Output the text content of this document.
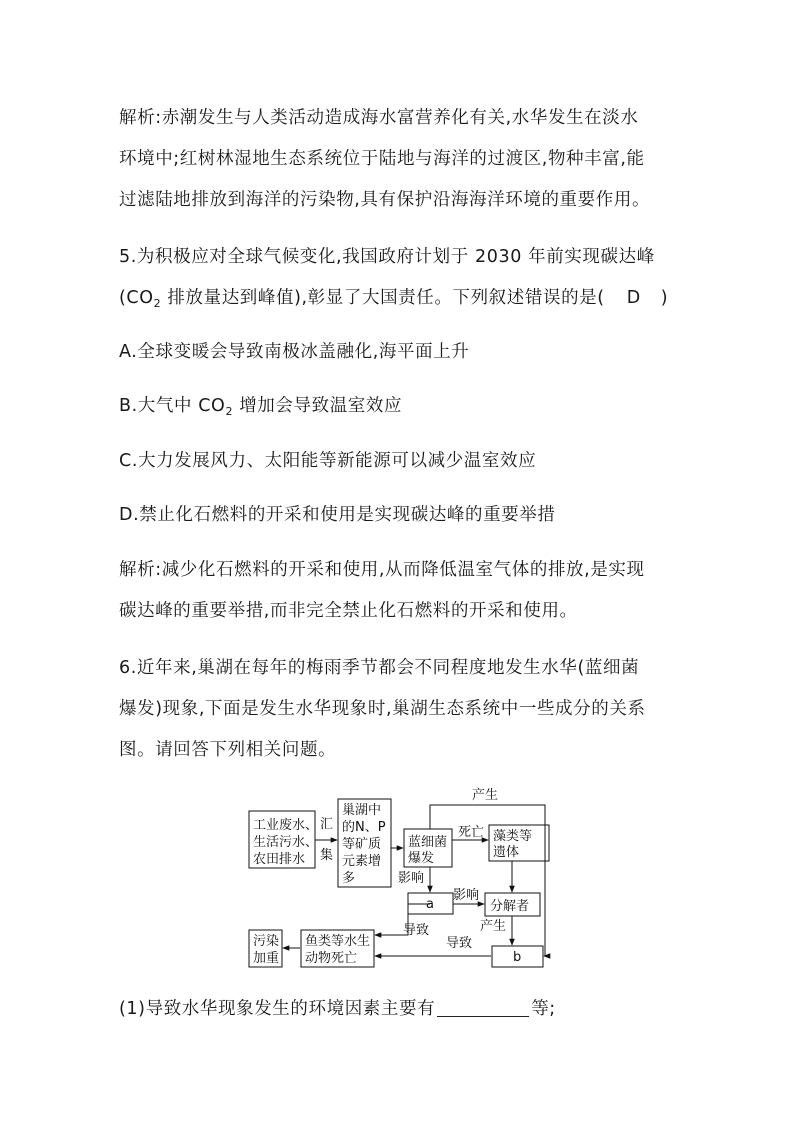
解析:赤潮发生与人类活动造成海水富营养化有关,水华发生在淡水
环境中;红树林湿地生态系统位于陆地与海洋的过渡区,物种丰富,能
过滤陆地排放到海洋的污染物,具有保护沿海海洋环境的重要作用。
5.为积极应对全球气候变化,我国政府计划于 2030 年前实现碳达峰
($CO_2$ 排放量达到峰值),彰显了大国责任。下列叙述错误的是( D )
A.全球变暖会导致南极冰盖融化,海平面上升
B.大气中 $CO_2$ 增加会导致温室效应
C.大力发展风力、太阳能等新能源可以减少温室效应
D.禁止化石燃料的开采和使用是实现碳达峰的重要举措
解析:减少化石燃料的开采和使用,从而降低温室气体的排放,是实现
碳达峰的重要举措,而非完全禁止化石燃料的开采和使用。
6.近年来,巢湖在每年的梅雨季节都会不同程度地发生水华(蓝细菌
爆发)现象,下面是发生水华现象时,巢湖生态系统中一些成分的关系
图。请回答下列相关问题。
工业废水、
生活污水、
农田排水
汇
集
巢湖中
的N、P
等矿质
元素增
多
蓝细菌
爆发
死亡 藻类等
遗体
产生
影响
a
影响
分解者
产生
b
导致
导致
鱼类等水生
动物死亡
污染
加重
(1)导致水华现象发生的环境因素主要有	等;
